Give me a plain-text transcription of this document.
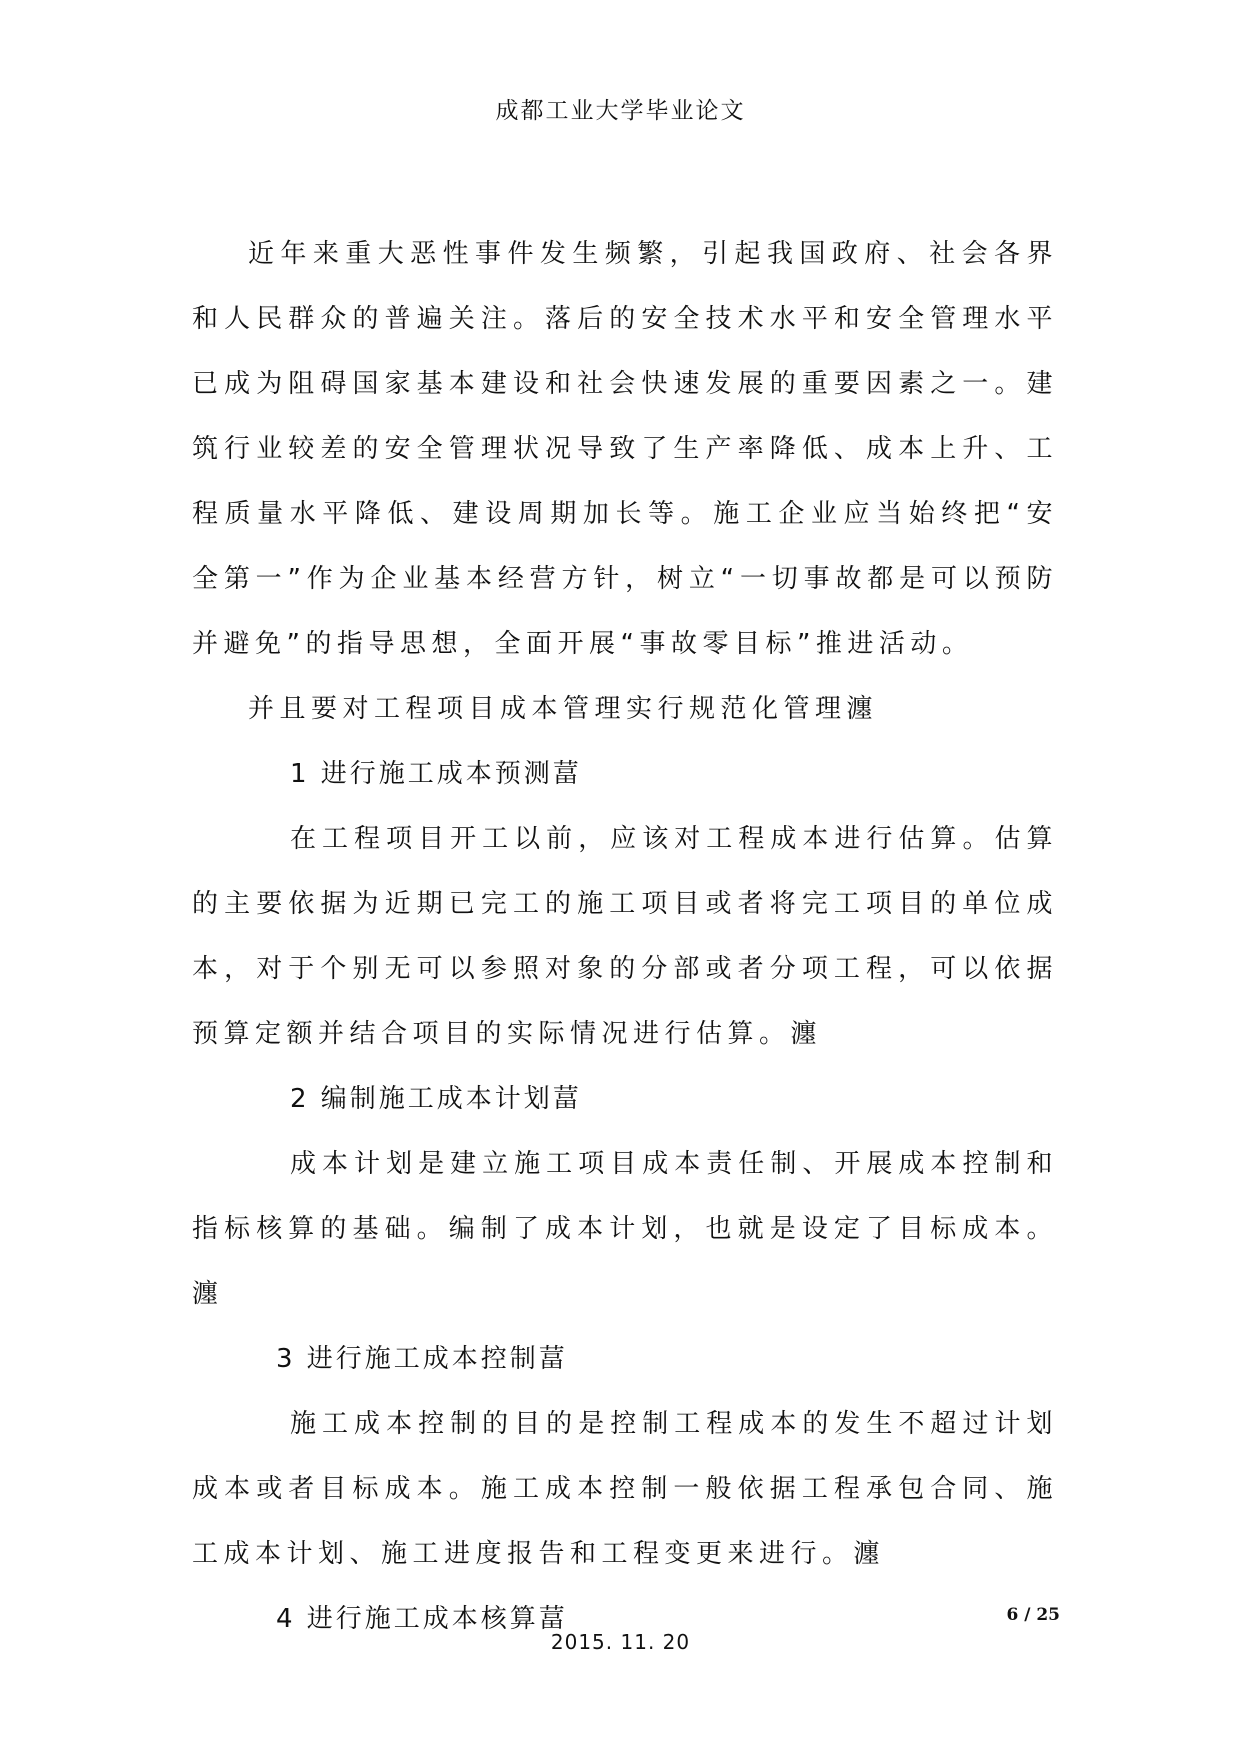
成都工业大学毕业论文

近年来重大恶性事件发生频繁，引起我国政府、社会各界和人民群众的普遍关注。落后的安全技术水平和安全管理水平已成为阻碍国家基本建设和社会快速发展的重要因素之一。建筑行业较差的安全管理状况导致了生产率降低、成本上升、工程质量水平降低、建设周期加长等。施工企业应当始终把“安全第一”作为企业基本经营方针，树立“一切事故都是可以预防并避免”的指导思想，全面开展“事故零目标”推进活动。

并且要对工程项目成本管理实行规范化管理瀍

1 进行施工成本预测葍

在工程项目开工以前，应该对工程成本进行估算。估算的主要依据为近期已完工的施工项目或者将完工项目的单位成本，对于个别无可以参照对象的分部或者分项工程，可以依据预算定额并结合项目的实际情况进行估算。瀍

2 编制施工成本计划葍

成本计划是建立施工项目成本责任制、开展成本控制和指标核算的基础。编制了成本计划，也就是设定了目标成本。瀍

3 进行施工成本控制葍

施工成本控制的目的是控制工程成本的发生不超过计划成本或者目标成本。施工成本控制一般依据工程承包合同、施工成本计划、施工进度报告和工程变更来进行。瀍

4 进行施工成本核算葍	6 / 25
2015. 11. 20
